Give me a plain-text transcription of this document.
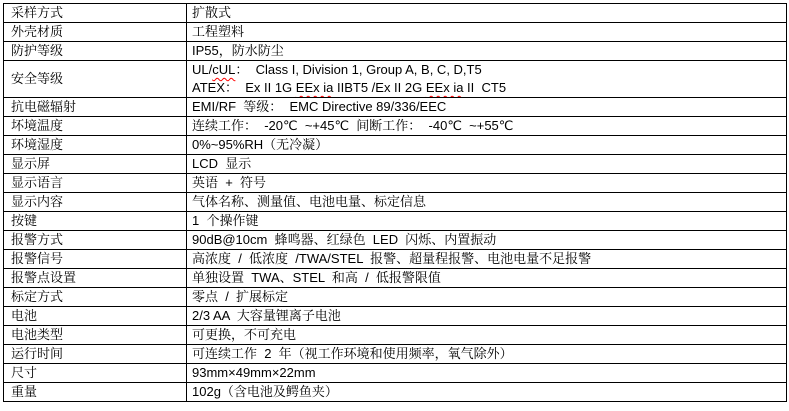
采样方式	扩散式
外壳材质	工程塑料
防护等级	IP55，防水防尘
安全等级	UL/cUL：  Class I, Division 1, Group A, B, C, D,T5
ATEX：  Ex II 1G EEx ia IIBT5 /Ex II 2G EEx ia II  CT5

抗电磁辐射	EMI/RF  等级：  EMC Directive 89/336/EEC
坏境温度	连续工作：  -20℃  ~+45℃  间断工作：  -40℃  ~+55℃
环境湿度	0%~95%RH（无冷凝）
显示屏	LCD  显示
显示语言	英语  +  符号
显示内容	气体名称、测量值、电池电量、标定信息
按键	1  个操作键
报警方式	90dB@10cm  蜂鸣器、红绿色  LED  闪烁、内置振动
报警信号	高浓度  /  低浓度  /TWA/STEL  报警、超量程报警、电池电量不足报警
报警点设置	单独设置  TWA、STEL  和高  /  低报警限值
标定方式	零点  /  扩展标定
电池	2/3 AA  大容量锂离子电池
电池类型	可更换，不可充电
运行时间	可连续工作  2  年（视工作环境和使用频率，氧气除外）
尺寸	93mm×49mm×22mm
重量	102g（含电池及鳄鱼夹）
